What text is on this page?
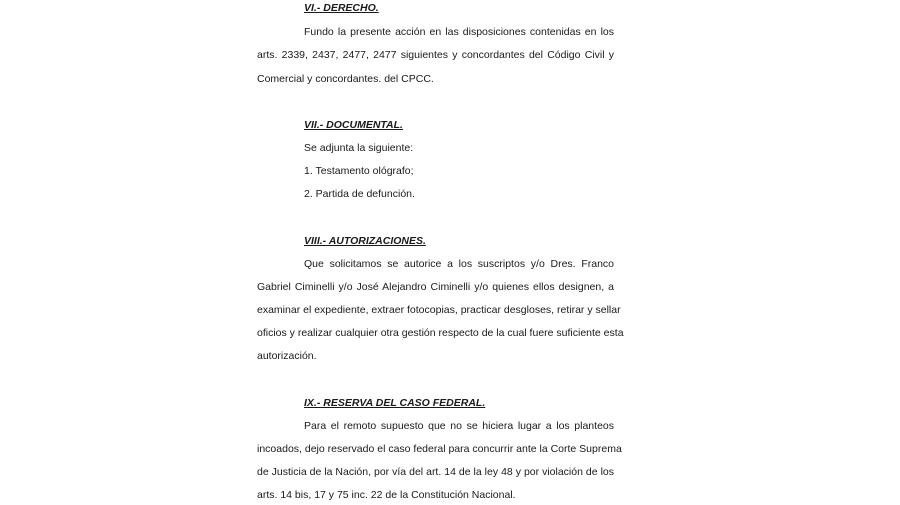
VI.- DERECHO.
Fundo la presente acción en las disposiciones contenidas en los
arts. 2339, 2437, 2477, 2477 siguientes y concordantes del Código Civil y
Comercial y concordantes. del CPCC.
VII.- DOCUMENTAL.
Se adjunta la siguiente:
1. Testamento ológrafo;
2. Partida de defunción.
VIII.- AUTORIZACIONES.
Que solicitamos se autorice a los suscriptos y/o Dres. Franco
Gabriel Ciminelli y/o José Alejandro Ciminelli y/o quienes ellos designen, a
examinar el expediente, extraer fotocopias, practicar desgloses, retirar y sellar
oficios y realizar cualquier otra gestión respecto de la cual fuere suficiente esta
autorización.
IX.- RESERVA DEL CASO FEDERAL.
Para el remoto supuesto que no se hiciera lugar a los planteos
incoados, dejo reservado el caso federal para concurrir ante la Corte Suprema
de Justicia de la Nación, por vía del art. 14 de la ley 48 y por violación de los
arts. 14 bis, 17 y 75 inc. 22 de la Constitución Nacional.
